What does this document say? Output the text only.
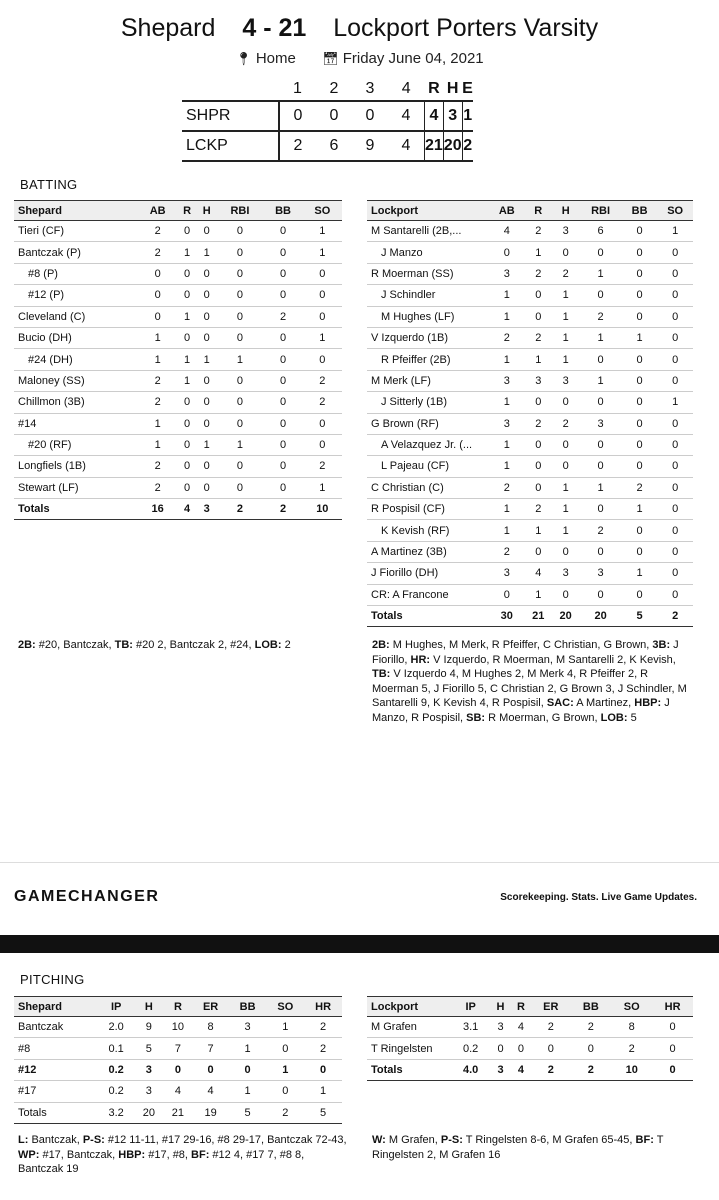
Shepard 4 - 21 Lockport Porters Varsity
📍︎ Home 📅︎ Friday June 04, 2021
	1	2	3	4	R	H	E
SHPR	0	0	0	4	4	3	1
LCKP	2	6	9	4	21	20	2
BATTING
Shepard	AB	R	H	RBI	BB	SO
Tieri (CF)	2	0	0	0	0	1
Bantczak (P)	2	1	1	0	0	1
#8 (P)	0	0	0	0	0	0
#12 (P)	0	0	0	0	0	0
Cleveland (C)	0	1	0	0	2	0
Bucio (DH)	1	0	0	0	0	1
#24 (DH)	1	1	1	1	0	0
Maloney (SS)	2	1	0	0	0	2
Chillmon (3B)	2	0	0	0	0	2
#14	1	0	0	0	0	0
#20 (RF)	1	0	1	1	0	0
Longfiels (1B)	2	0	0	0	0	2
Stewart (LF)	2	0	0	0	0	1
Totals	16	4	3	2	2	10
Lockport	AB	R	H	RBI	BB	SO
M Santarelli (2B,...	4	2	3	6	0	1
J Manzo	0	1	0	0	0	0
R Moerman (SS)	3	2	2	1	0	0
J Schindler	1	0	1	0	0	0
M Hughes (LF)	1	0	1	2	0	0
V Izquerdo (1B)	2	2	1	1	1	0
R Pfeiffer (2B)	1	1	1	0	0	0
M Merk (LF)	3	3	3	1	0	0
J Sitterly (1B)	1	0	0	0	0	1
G Brown (RF)	3	2	2	3	0	0
A Velazquez Jr. (...	1	0	0	0	0	0
L Pajeau (CF)	1	0	0	0	0	0
C Christian (C)	2	0	1	1	2	0
R Pospisil (CF)	1	2	1	0	1	0
K Kevish (RF)	1	1	1	2	0	0
A Martinez (3B)	2	0	0	0	0	0
J Fiorillo (DH)	3	4	3	3	1	0
CR: A Francone	0	1	0	0	0	0
Totals	30	21	20	20	5	2
2B: #20, Bantczak, TB: #20 2, Bantczak 2, #24, LOB: 2	2B: M Hughes, M Merk, R Pfeiffer, C Christian, G Brown, 3B: J Fiorillo, HR: V Izquerdo, R Moerman, M Santarelli 2, K Kevish, TB: V Izquerdo 4, M Hughes 2, M Merk 4, R Pfeiffer 2, R Moerman 5, J Fiorillo 5, C Christian 2, G Brown 3, J Schindler, M Santarelli 9, K Kevish 4, R Pospisil, SAC: A Martinez, HBP: J Manzo, R Pospisil, SB: R Moerman, G Brown, LOB: 5
GAMECHANGER	Scorekeeping. Stats. Live Game Updates.
PITCHING
Shepard	IP	H	R	ER	BB	SO	HR
Bantczak	2.0	9	10	8	3	1	2
#8	0.1	5	7	7	1	0	2
#12	0.2	3	0	0	0	1	0
#17	0.2	3	4	4	1	0	1
Totals	3.2	20	21	19	5	2	5
Lockport	IP	H	R	ER	BB	SO	HR
M Grafen	3.1	3	4	2	2	8	0
T Ringelsten	0.2	0	0	0	0	2	0
Totals	4.0	3	4	2	2	10	0
L: Bantczak, P-S: #12 11-11, #17 29-16, #8 29-17, Bantczak 72-43, WP: #17, Bantczak, HBP: #17, #8, BF: #12 4, #17 7, #8 8, Bantczak 19
W: M Grafen, P-S: T Ringelsten 8-6, M Grafen 65-45, BF: T Ringelsten 2, M Grafen 16
